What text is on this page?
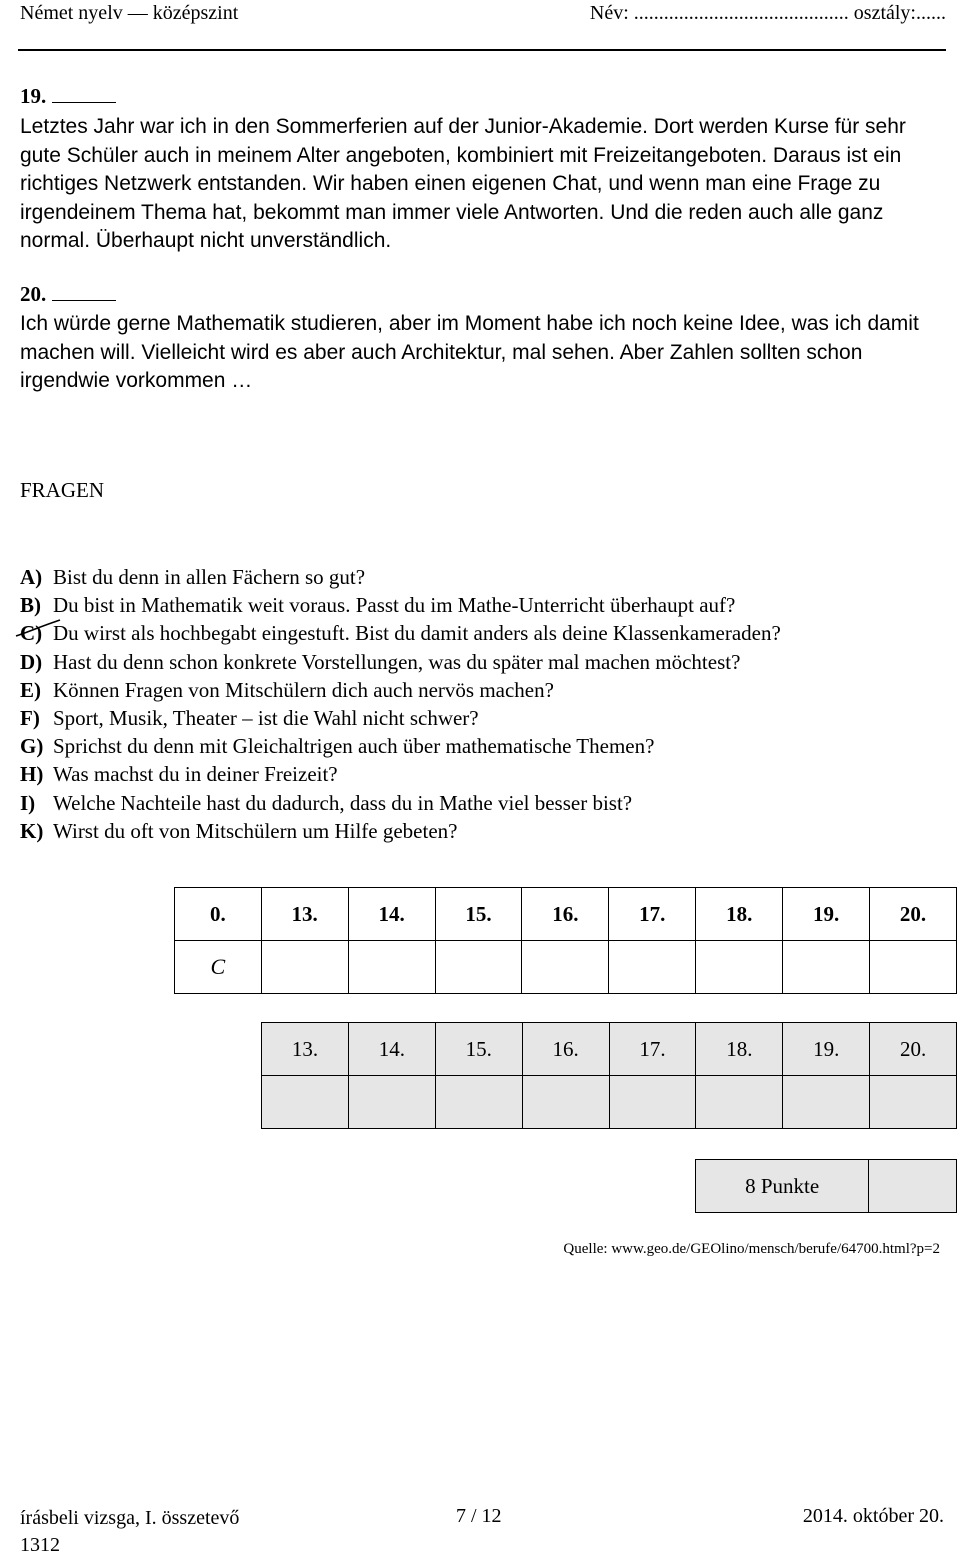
Német nyelv — középszint	Név: ........................................... osztály:......
19.
Letztes Jahr war ich in den Sommerferien auf der Junior-Akademie. Dort werden Kurse für sehr gute Schüler auch in meinem Alter angeboten, kombiniert mit Freizeitangeboten. Daraus ist ein richtiges Netzwerk entstanden. Wir haben einen eigenen Chat, und wenn man eine Frage zu irgendeinem Thema hat, bekommt man immer viele Antworten. Und die reden auch alle ganz normal. Überhaupt nicht unverständlich.
20.
Ich würde gerne Mathematik studieren, aber im Moment habe ich noch keine Idee, was ich damit machen will. Vielleicht wird es aber auch Architektur, mal sehen. Aber Zahlen sollten schon irgendwie vorkommen …
FRAGEN
A) Bist du denn in allen Fächern so gut?
B) Du bist in Mathematik weit voraus. Passt du im Mathe-Unterricht überhaupt auf?
C) Du wirst als hochbegabt eingestuft. Bist du damit anders als deine Klassenkameraden?
D) Hast du denn schon konkrete Vorstellungen, was du später mal machen möchtest?
E) Können Fragen von Mitschülern dich auch nervös machen?
F) Sport, Musik, Theater – ist die Wahl nicht schwer?
G) Sprichst du denn mit Gleichaltrigen auch über mathematische Themen?
H) Was machst du in deiner Freizeit?
I) Welche Nachteile hast du dadurch, dass du in Mathe viel besser bist?
K) Wirst du oft von Mitschülern um Hilfe gebeten?
0.	13.	14.	15.	16.	17.	18.	19.	20.
C								
13.	14.	15.	16.	17.	18.	19.	20.

8 Punkte	
Quelle: www.geo.de/GEOlino/mensch/berufe/64700.html?p=2
írásbeli vizsga, I. összetevő
1312
7 / 12	2014. október 20.
